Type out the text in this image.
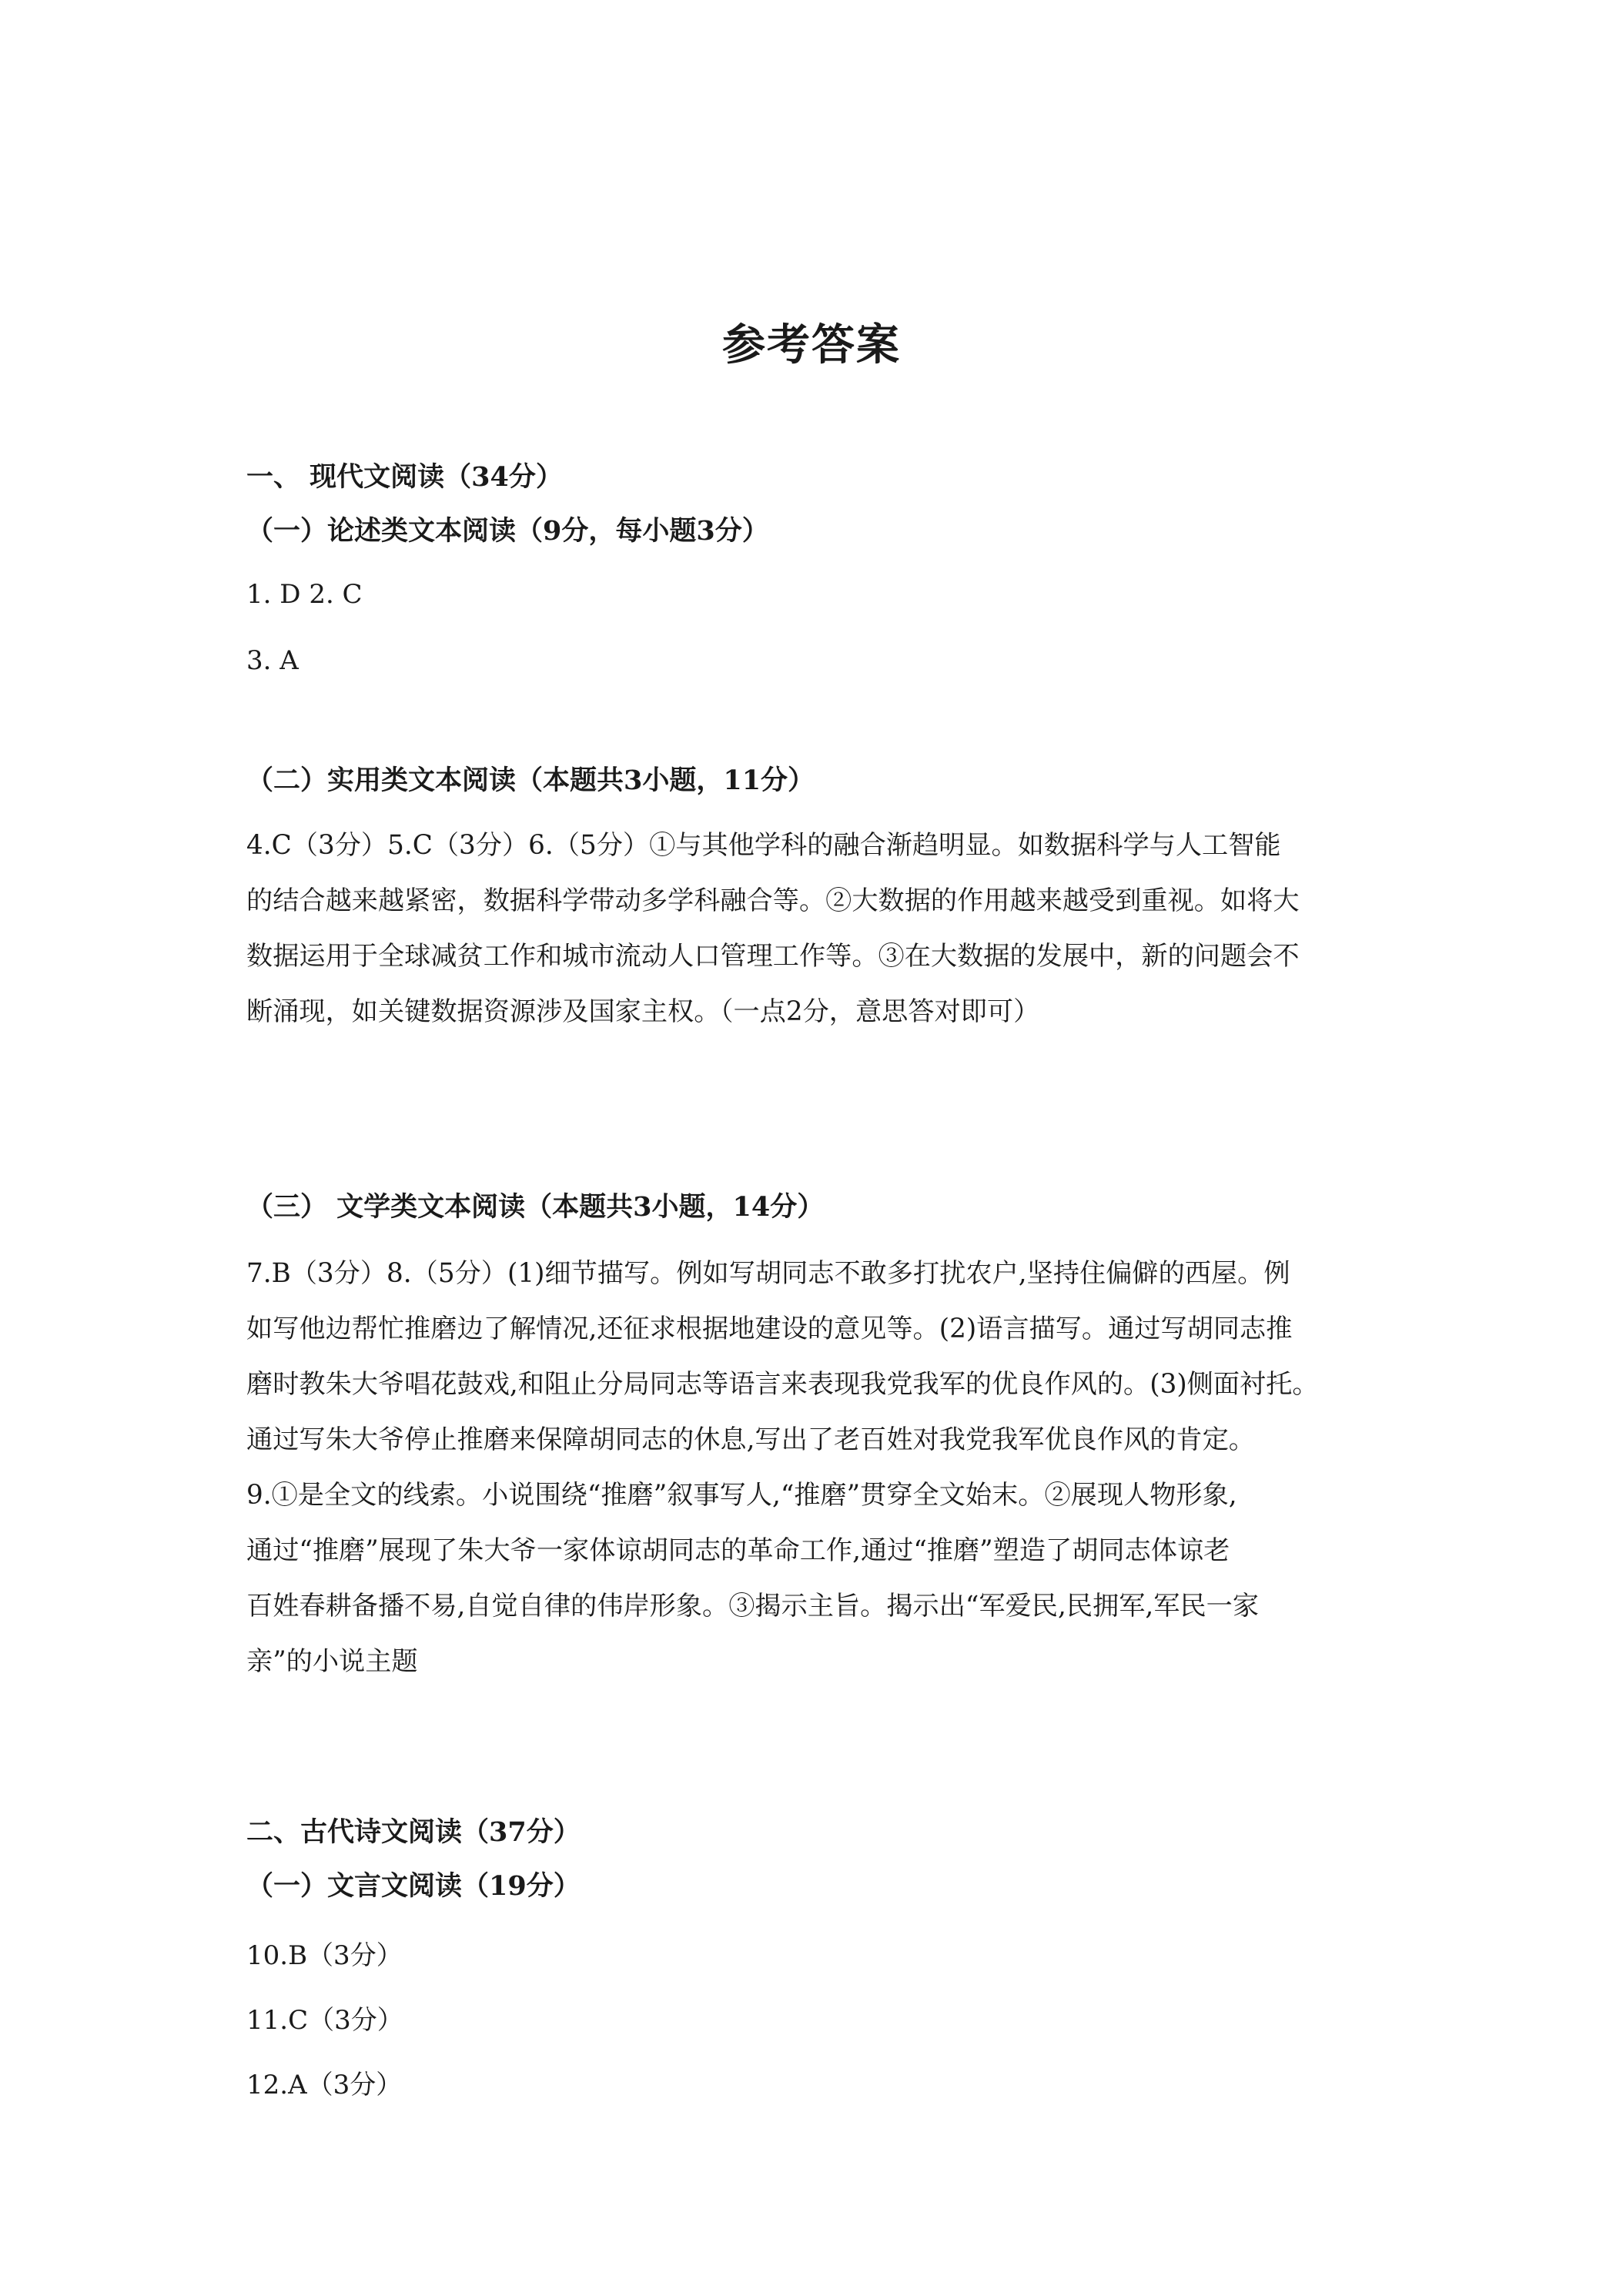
参考答案
一、 现代文阅读（34分）
（一）论述类文本阅读（9分，每小题3分）
1. D 2. C
3. A
（二）实用类文本阅读（本题共3小题，11分）
4.C（3分）5.C（3分）6.（5分）①与其他学科的融合渐趋明显。如数据科学与人工智能
的结合越来越紧密，数据科学带动多学科融合等。②大数据的作用越来越受到重视。如将大
数据运用于全球减贫工作和城市流动人口管理工作等。③在大数据的发展中，新的问题会不
断涌现，如关键数据资源涉及国家主权。（一点2分，意思答对即可）
（三） 文学类文本阅读（本题共3小题，14分）
7.B（3分）8.（5分）(1)细节描写。例如写胡同志不敢多打扰农户,坚持住偏僻的西屋。例
如写他边帮忙推磨边了解情况,还征求根据地建设的意见等。(2)语言描写。通过写胡同志推
磨时教朱大爷唱花鼓戏,和阻止分局同志等语言来表现我党我军的优良作风的。(3)侧面衬托。
通过写朱大爷停止推磨来保障胡同志的休息,写出了老百姓对我党我军优良作风的肯定。
9.①是全文的线索。小说围绕“推磨”叙事写人,“推磨”贯穿全文始末。②展现人物形象,
通过“推磨”展现了朱大爷一家体谅胡同志的革命工作,通过“推磨”塑造了胡同志体谅老
百姓春耕备播不易,自觉自律的伟岸形象。③揭示主旨。揭示出“军爱民,民拥军,军民一家
亲”的小说主题
二、古代诗文阅读（37分）
（一）文言文阅读（19分）
10.B（3分）
11.C（3分）
12.A（3分）
